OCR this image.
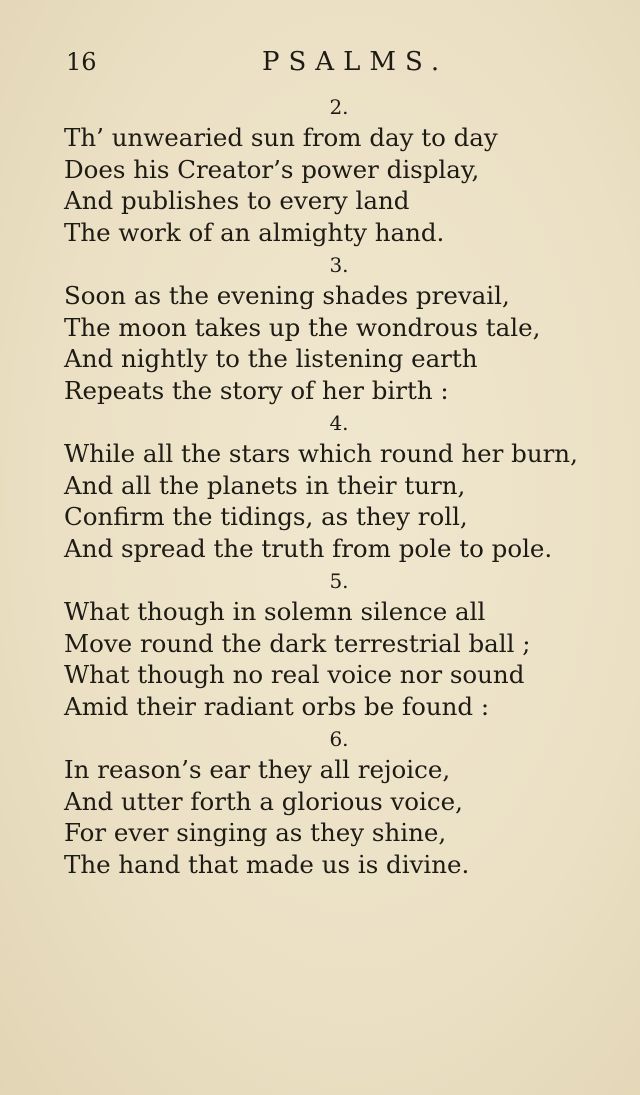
16	PSALMS.
2.
Th’ unwearied sun from day to day
Does his Creator’s power display,
And publishes to every land
The work of an almighty hand.
3.
Soon as the evening shades prevail,
The moon takes up the wondrous tale,
And nightly to the listening earth
Repeats the story of her birth :
4.
While all the stars which round her burn,
And all the planets in their turn,
Confirm the tidings, as they roll,
And spread the truth from pole to pole.
5.
What though in solemn silence all
Move round the dark terrestrial ball ;
What though no real voice nor sound
Amid their radiant orbs be found :
6.
In reason’s ear they all rejoice,
And utter forth a glorious voice,
For ever singing as they shine,
The hand that made us is divine.
